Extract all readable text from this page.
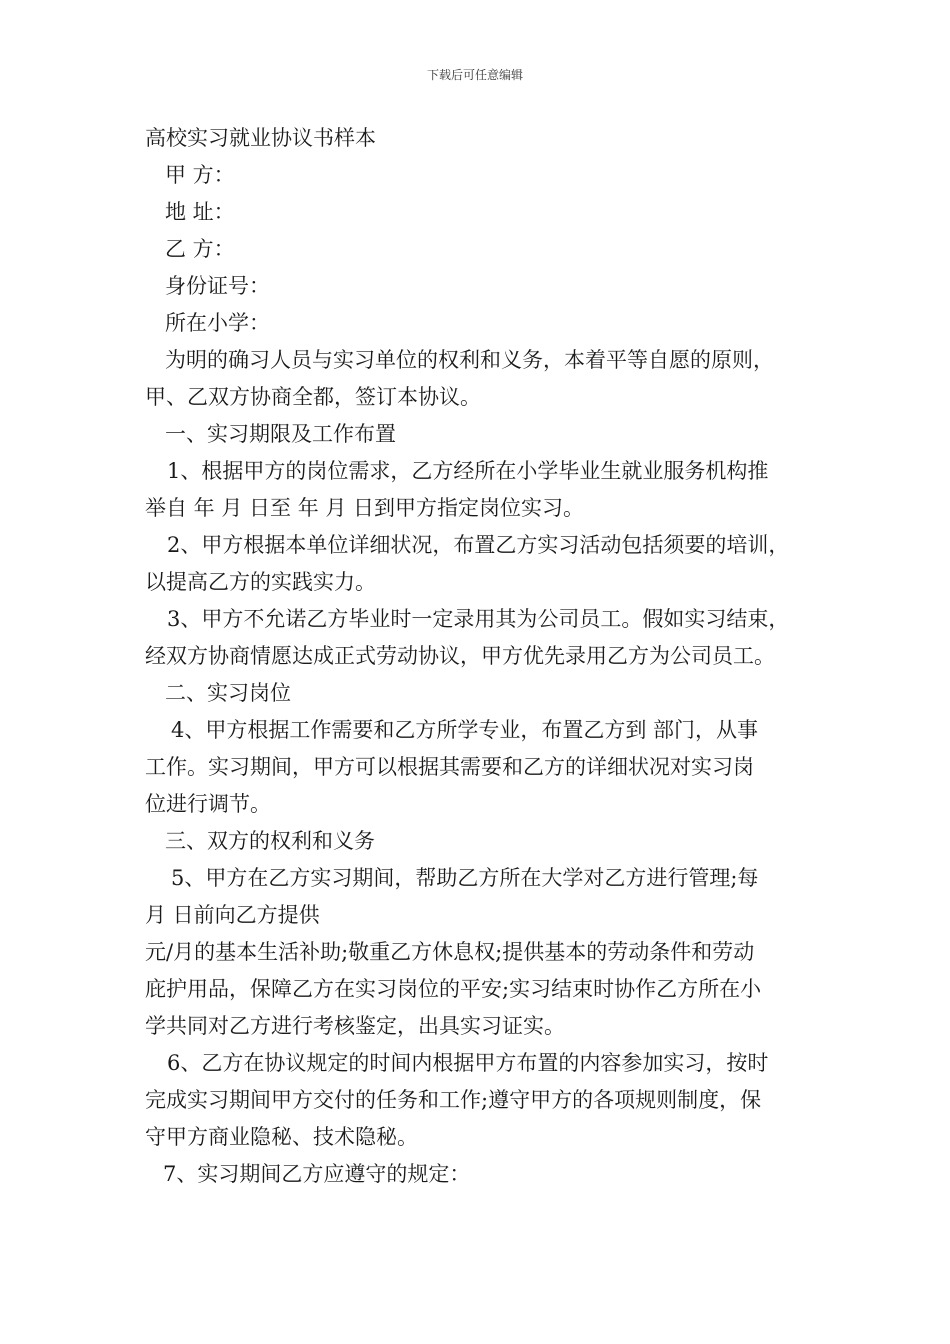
下载后可任意编辑
高校实习就业协议书样本
甲 方：
地 址：
乙 方：
身份证号：
所在小学：
为明的确习人员与实习单位的权利和义务，本着平等自愿的原则，
甲、乙双方协商全都，签订本协议。
一、实习期限及工作布置
1、根据甲方的岗位需求，乙方经所在小学毕业生就业服务机构推
举自 年 月 日至 年 月 日到甲方指定岗位实习。
2、甲方根据本单位详细状况，布置乙方实习活动包括须要的培训，
以提高乙方的实践实力。
3、甲方不允诺乙方毕业时一定录用其为公司员工。假如实习结束，
经双方协商情愿达成正式劳动协议，甲方优先录用乙方为公司员工。
二、实习岗位
4、甲方根据工作需要和乙方所学专业，布置乙方到 部门，从事
工作。实习期间，甲方可以根据其需要和乙方的详细状况对实习岗
位进行调节。
三、双方的权利和义务
5、甲方在乙方实习期间，帮助乙方所在大学对乙方进行管理;每
月 日前向乙方提供
元/月的基本生活补助;敬重乙方休息权;提供基本的劳动条件和劳动
庇护用品，保障乙方在实习岗位的平安;实习结束时协作乙方所在小
学共同对乙方进行考核鉴定，出具实习证实。
6、乙方在协议规定的时间内根据甲方布置的内容参加实习，按时
完成实习期间甲方交付的任务和工作;遵守甲方的各项规则制度，保
守甲方商业隐秘、技术隐秘。
7、实习期间乙方应遵守的规定：
